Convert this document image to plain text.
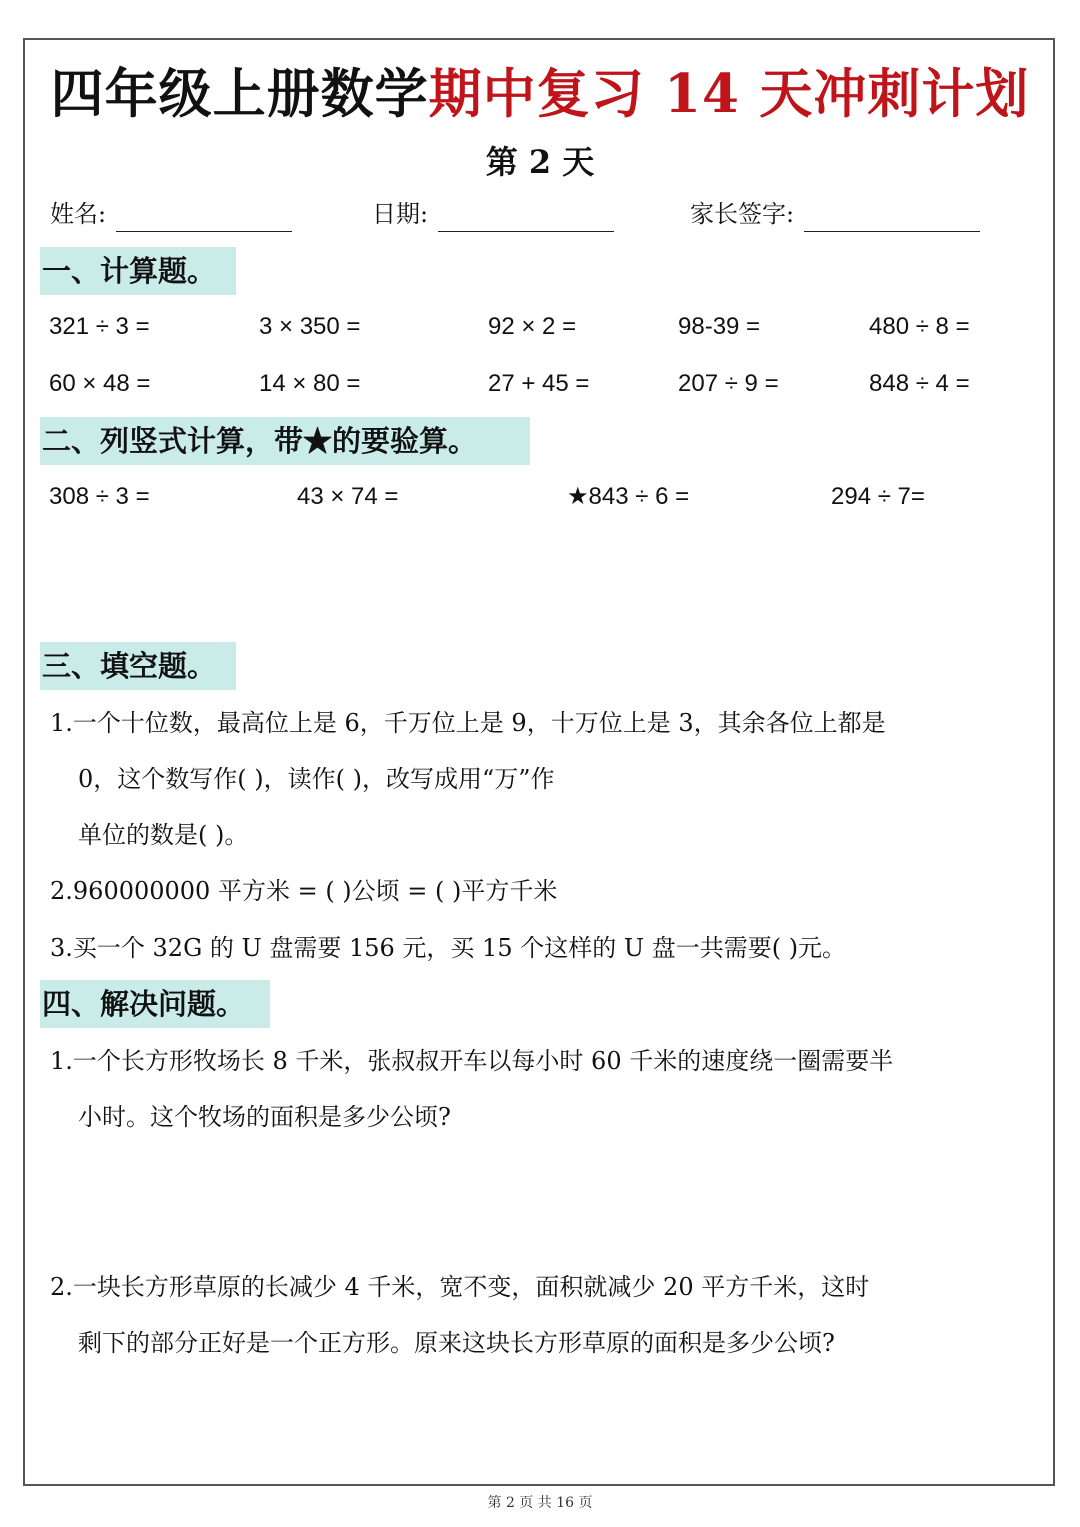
四年级上册数学期中复习 14 天冲刺计划
第 2 天
姓名:	日期:	家长签字:
一、计算题。
321 ÷ 3 =	3 × 350 =	92 × 2 =	98-39 =	480 ÷ 8 =
60 × 48 =	14 × 80 =	27 + 45 =	207 ÷ 9 =	848 ÷ 4 =
二、列竖式计算，带★的要验算。
308 ÷ 3 =	43 × 74 =	★843 ÷ 6 =	294 ÷ 7=
三、填空题。
1.一个十位数，最高位上是 6，千万位上是 9，十万位上是 3，其余各位上都是
0，这个数写作( )，读作( )，改写成用“万”作
单位的数是( )。
2.960000000 平方米 = ( )公顷 = ( )平方千米
3.买一个 32G 的 U 盘需要 156 元，买 15 个这样的 U 盘一共需要( )元。
四、解决问题。
1.一个长方形牧场长 8 千米，张叔叔开车以每小时 60 千米的速度绕一圈需要半
小时。这个牧场的面积是多少公顷?
2.一块长方形草原的长减少 4 千米，宽不变，面积就减少 20 平方千米，这时
剩下的部分正好是一个正方形。原来这块长方形草原的面积是多少公顷?
第 2 页 共 16 页
